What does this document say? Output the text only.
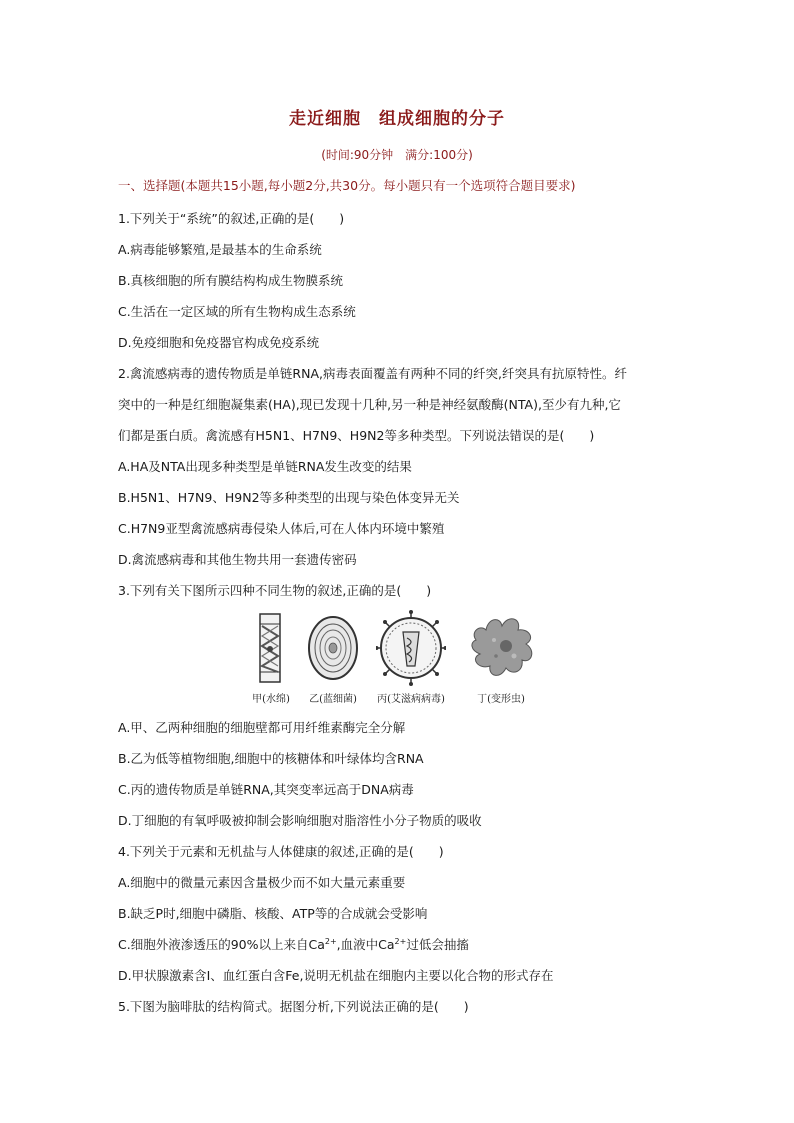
走近细胞　组成细胞的分子
(时间:90分钟　满分:100分)
一、选择题(本题共15小题,每小题2分,共30分。每小题只有一个选项符合题目要求)
1.下列关于“系统”的叙述,正确的是(　　)
A.病毒能够繁殖,是最基本的生命系统
B.真核细胞的所有膜结构构成生物膜系统
C.生活在一定区域的所有生物构成生态系统
D.免疫细胞和免疫器官构成免疫系统
2.禽流感病毒的遗传物质是单链RNA,病毒表面覆盖有两种不同的纤突,纤突具有抗原特性。纤
突中的一种是红细胞凝集素(HA),现已发现十几种,另一种是神经氨酸酶(NTA),至少有九种,它
们都是蛋白质。禽流感有H5N1、H7N9、H9N2等多种类型。下列说法错误的是(　　)
A.HA及NTA出现多种类型是单链RNA发生改变的结果
B.H5N1、H7N9、H9N2等多种类型的出现与染色体变异无关
C.H7N9亚型禽流感病毒侵染人体后,可在人体内环境中繁殖
D.禽流感病毒和其他生物共用一套遗传密码
3.下列有关下图所示四种不同生物的叙述,正确的是(　　)
甲(水绵)	乙(蓝细菌)	丙(艾滋病病毒)	丁(变形虫)
A.甲、乙两种细胞的细胞壁都可用纤维素酶完全分解
B.乙为低等植物细胞,细胞中的核糖体和叶绿体均含RNA
C.丙的遗传物质是单链RNA,其突变率远高于DNA病毒
D.丁细胞的有氧呼吸被抑制会影响细胞对脂溶性小分子物质的吸收
4.下列关于元素和无机盐与人体健康的叙述,正确的是(　　)
A.细胞中的微量元素因含量极少而不如大量元素重要
B.缺乏P时,细胞中磷脂、核酸、ATP等的合成就会受影响
C.细胞外液渗透压的90%以上来自$Ca^{2+}$,血液中$Ca^{2+}$过低会抽搐
D.甲状腺激素含I、血红蛋白含Fe,说明无机盐在细胞内主要以化合物的形式存在
5.下图为脑啡肽的结构简式。据图分析,下列说法正确的是(　　)
